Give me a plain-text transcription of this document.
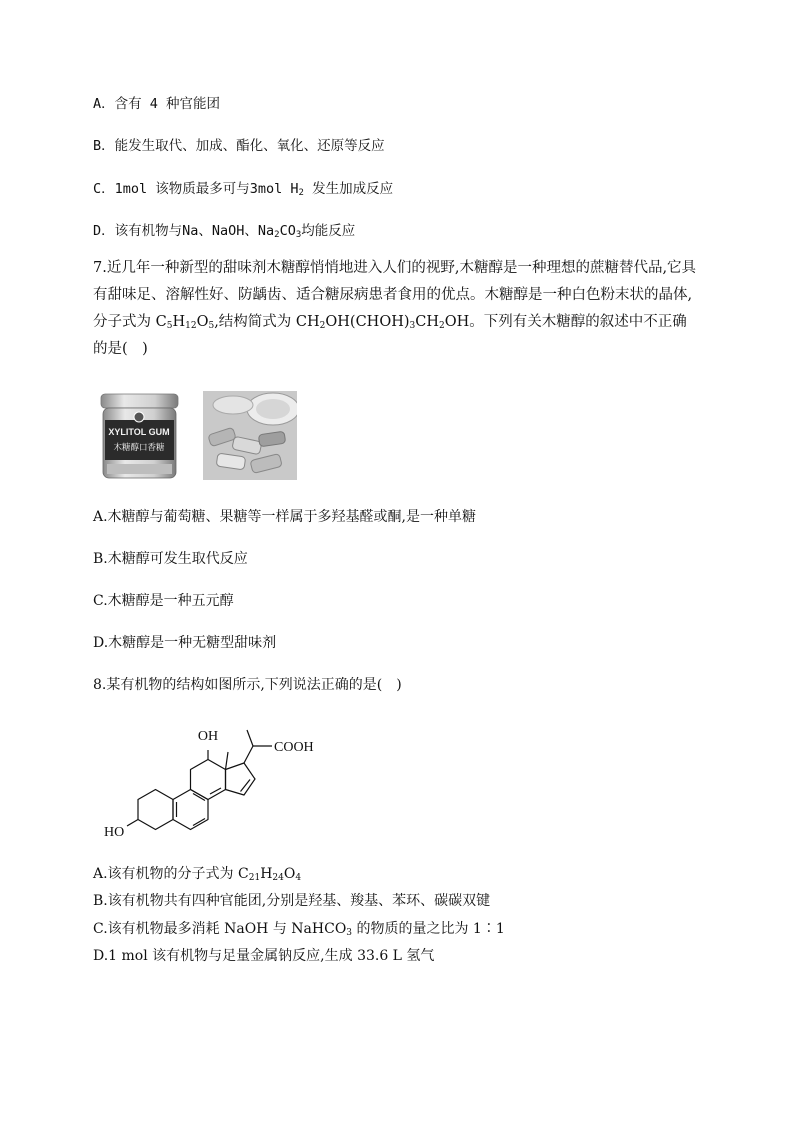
A．含有 4 种官能团
B．能发生取代、加成、酯化、氧化、还原等反应
C．1mol 该物质最多可与3mol $H_2$ 发生加成反应
D．该有机物与Na、NaOH、$Na_2CO_3$均能反应
7.近几年一种新型的甜味剂木糖醇悄悄地进入人们的视野,木糖醇是一种理想的蔗糖替代品,它具有甜味足、溶解性好、防龋齿、适合糖尿病患者食用的优点。木糖醇是一种白色粉末状的晶体,分子式为 $C_5H_{12}O_5$,结构简式为 $CH_2OH(CHOH)_3CH_2OH$。下列有关木糖醇的叙述中不正确的是(　)
XYLITOL GUM
木糖醇口香糖
A.木糖醇与葡萄糖、果糖等一样属于多羟基醛或酮,是一种单糖
B.木糖醇可发生取代反应
C.木糖醇是一种五元醇
D.木糖醇是一种无糖型甜味剂
8.某有机物的结构如图所示,下列说法正确的是(　)
OH
COOH
HO
A.该有机物的分子式为 $C_{21}H_{24}O_4$
B.该有机物共有四种官能团,分别是羟基、羧基、苯环、碳碳双键
C.该有机物最多消耗 NaOH 与 NaHCO$_3$ 的物质的量之比为 1∶1
D.1 mol 该有机物与足量金属钠反应,生成 33.6 L 氢气
